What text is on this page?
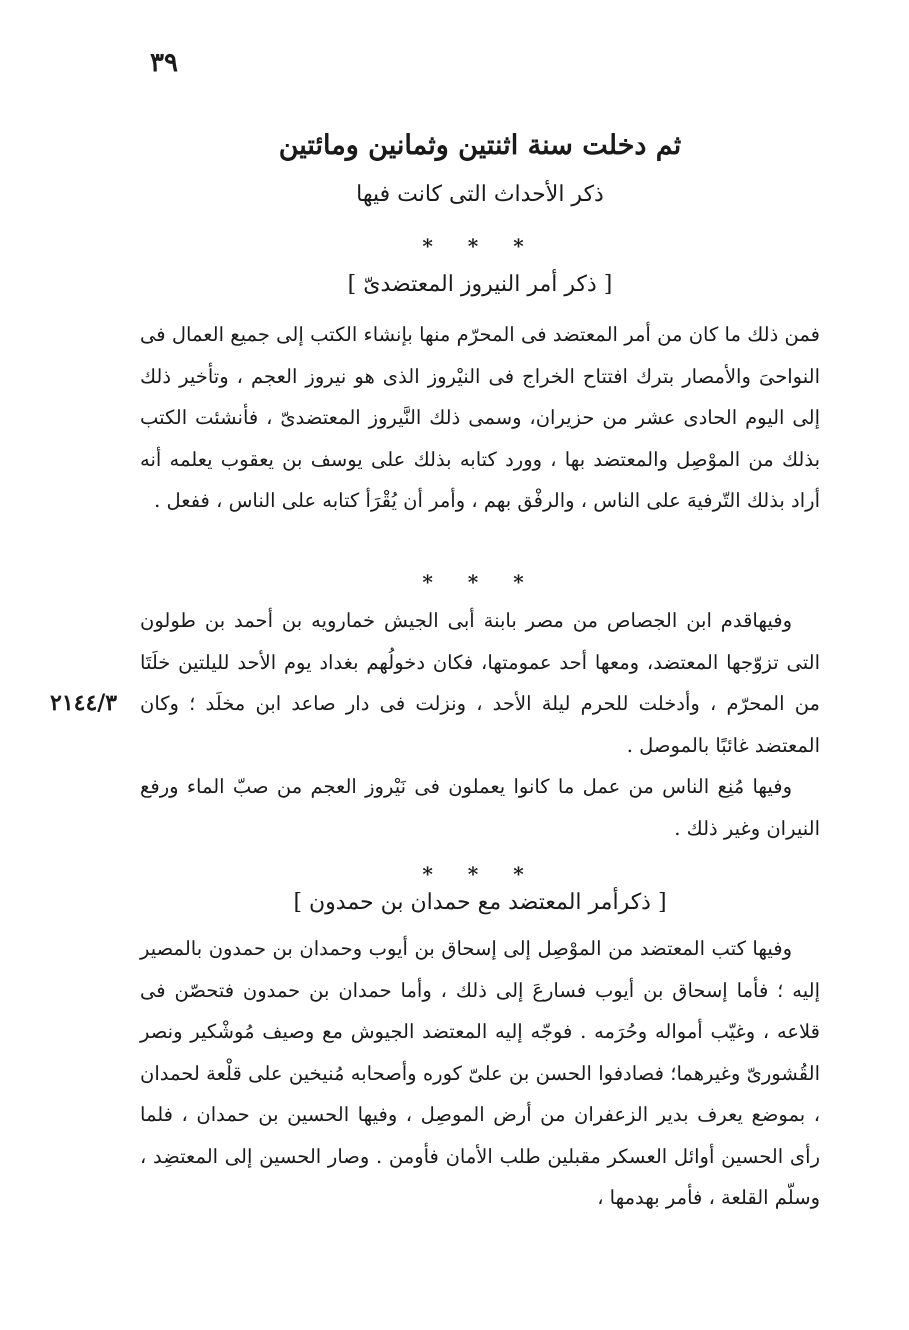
٣٩
٢١٤٤/٣
ثم دخلت سنة اثنتين وثمانين ومائتين
ذكر الأحداث التى كانت فيها
* * *
[ ذكر أمر النيروز المعتضدىّ ]
فمن ذلك ما كان من أمر المعتضد فى المحرّم منها بإنشاء الكتب إلى جميع العمال فى النواحىَ والأمصار بترك افتتاح الخراج فى النيْروز الذى هو نيروز العجم ، وتأخير ذلك إلى اليوم الحادى عشر من حزيران، وسمى ذلك النَّيروز المعتضدىّ ، فأنشئت الكتب بذلك من الموْصِل والمعتضد بها ، وورد كتابه بذلك على يوسف بن يعقوب يعلمه أنه أراد بذلك التّرفيهَ على الناس ، والرفْق بهم ، وأمر أن يُقْرَأ كتابه على الناس ، ففعل .
* * *
وفيهاقدم ابن الجصاص من مصر بابنة أبى الجيش خمارويه بن أحمد بن طولون التى تزوّجها المعتضد، ومعها أحد عمومتها، فكان دخولُهم بغداد يوم الأحد لليلتين خلَتَا من المحرّم ، وأدخلت للحرم ليلة الأحد ، ونزلت فى دار صاعد ابن مخلَد ؛ وكان المعتضد غائبًا بالموصل .
وفيها مُنِع الناس من عمل ما كانوا يعملون فى نَيْروز العجم من صبّ الماء ورفع النيران وغير ذلك .
* * *
[ ذكرأمر المعتضد مع حمدان بن حمدون ]
وفيها كتب المعتضد من الموْصِل إلى إسحاق بن أيوب وحمدان بن حمدون بالمصير إليه ؛ فأما إسحاق بن أيوب فسارعَ إلى ذلك ، وأما حمدان بن حمدون فتحصّن فى قلاعه ، وغيّب أمواله وحُرَمه . فوجّه إليه المعتضد الجيوش مع وصيف مُوشْكير ونصر القُشورىّ وغيرهما؛ فصادفوا الحسن بن علىّ كوره وأصحابه مُنيخين على قلْعة لحمدان ، بموضع يعرف بدير الزعفران من أرض الموصِل ، وفيها الحسين بن حمدان ، فلما رأى الحسين أوائل العسكر مقبلين طلب الأمان فأومن . وصار الحسين إلى المعتضِد ، وسلّم القلعة ، فأمر بهدمها ،
